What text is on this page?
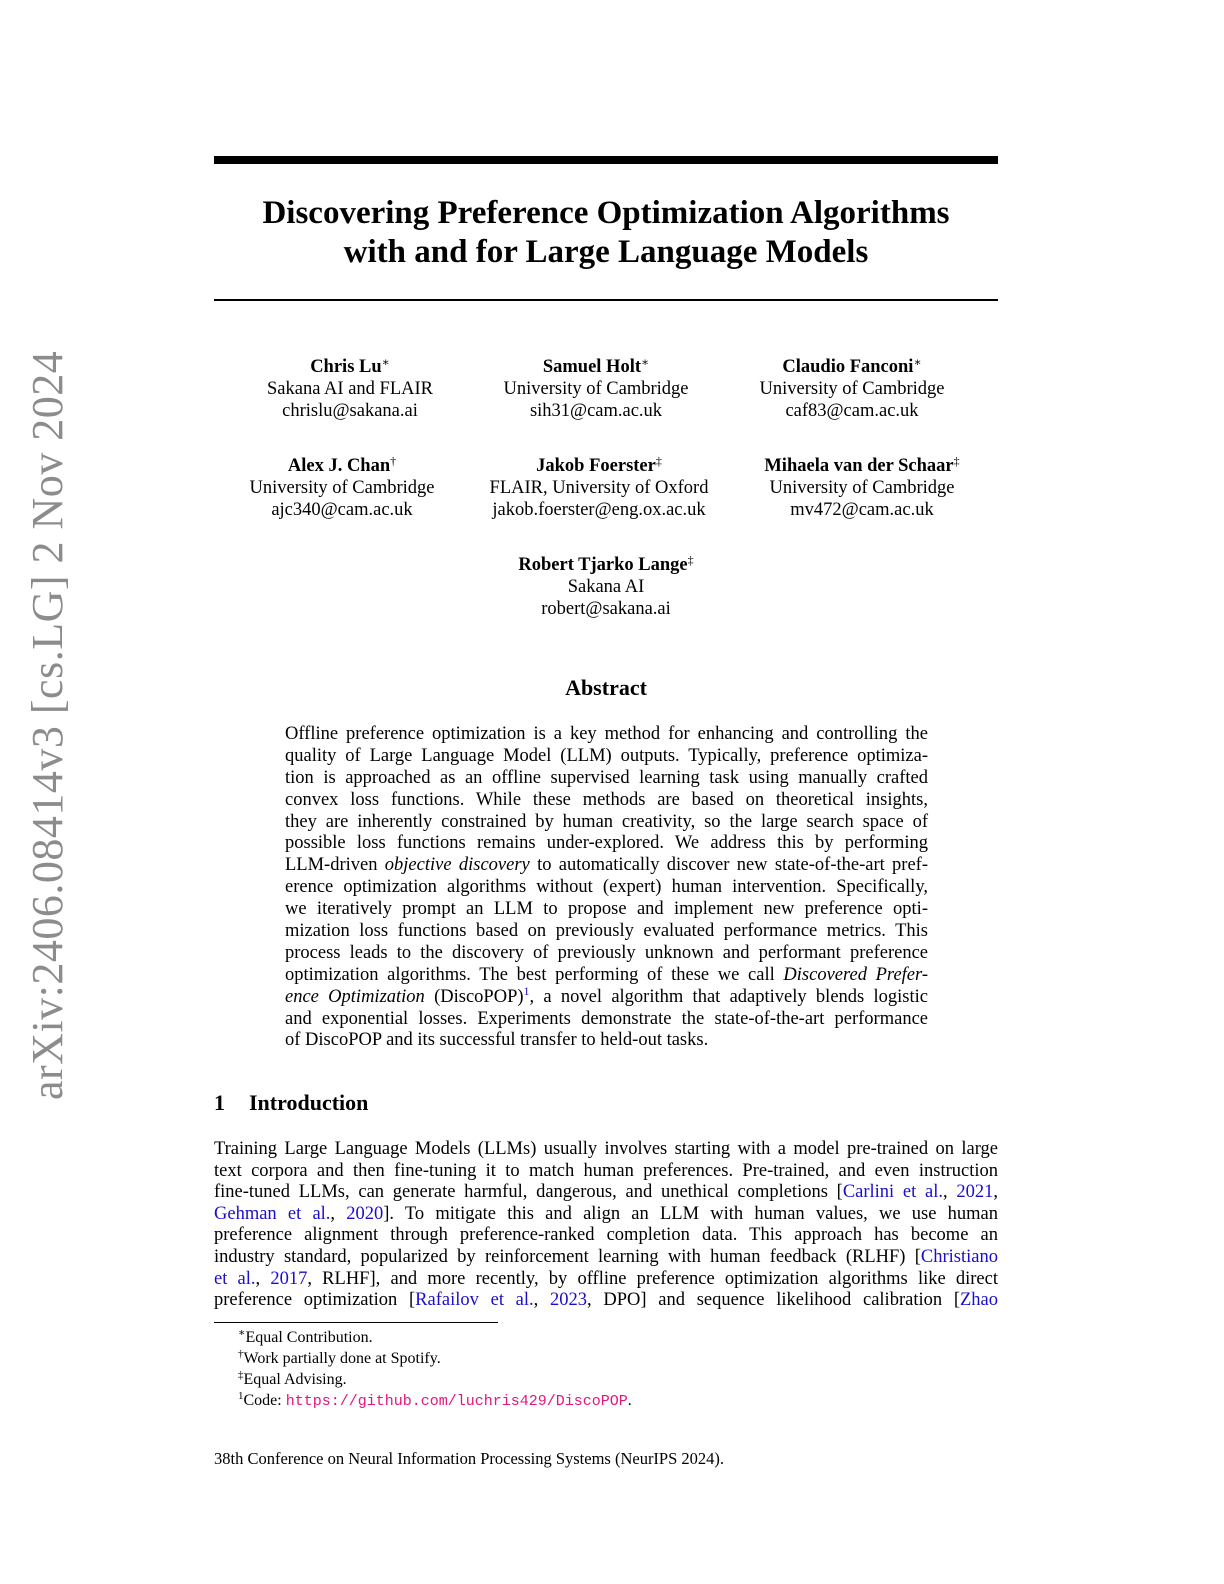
arXiv:2406.08414v3 [cs.LG] 2 Nov 2024
Discovering Preference Optimization Algorithms
with and for Large Language Models
Chris Lu∗
Sakana AI and FLAIR
chrislu@sakana.ai
Samuel Holt∗
University of Cambridge
sih31@cam.ac.uk
Claudio Fanconi∗
University of Cambridge
caf83@cam.ac.uk
Alex J. Chan†
University of Cambridge
ajc340@cam.ac.uk
Jakob Foerster‡
FLAIR, University of Oxford
jakob.foerster@eng.ox.ac.uk
Mihaela van der Schaar‡
University of Cambridge
mv472@cam.ac.uk
Robert Tjarko Lange‡
Sakana AI
robert@sakana.ai
Abstract
Offline preference optimization is a key method for enhancing and controlling the
quality of Large Language Model (LLM) outputs. Typically, preference optimiza-
tion is approached as an offline supervised learning task using manually crafted
convex loss functions. While these methods are based on theoretical insights,
they are inherently constrained by human creativity, so the large search space of
possible loss functions remains under-explored. We address this by performing
LLM-driven objective discovery to automatically discover new state-of-the-art pref-
erence optimization algorithms without (expert) human intervention. Specifically,
we iteratively prompt an LLM to propose and implement new preference opti-
mization loss functions based on previously evaluated performance metrics. This
process leads to the discovery of previously unknown and performant preference
optimization algorithms. The best performing of these we call Discovered Prefer-
ence Optimization (DiscoPOP)$^1$, a novel algorithm that adaptively blends logistic
and exponential losses. Experiments demonstrate the state-of-the-art performance
of DiscoPOP and its successful transfer to held-out tasks.
1 Introduction
Training Large Language Models (LLMs) usually involves starting with a model pre-trained on large
text corpora and then fine-tuning it to match human preferences. Pre-trained, and even instruction
fine-tuned LLMs, can generate harmful, dangerous, and unethical completions [Carlini et al., 2021,
Gehman et al., 2020]. To mitigate this and align an LLM with human values, we use human
preference alignment through preference-ranked completion data. This approach has become an
industry standard, popularized by reinforcement learning with human feedback (RLHF) [Christiano
et al., 2017, RLHF], and more recently, by offline preference optimization algorithms like direct
preference optimization [Rafailov et al., 2023, DPO] and sequence likelihood calibration [Zhao
∗Equal Contribution.
†Work partially done at Spotify.
‡Equal Advising.
$^1$Code: https://github.com/luchris429/DiscoPOP.
38th Conference on Neural Information Processing Systems (NeurIPS 2024).
